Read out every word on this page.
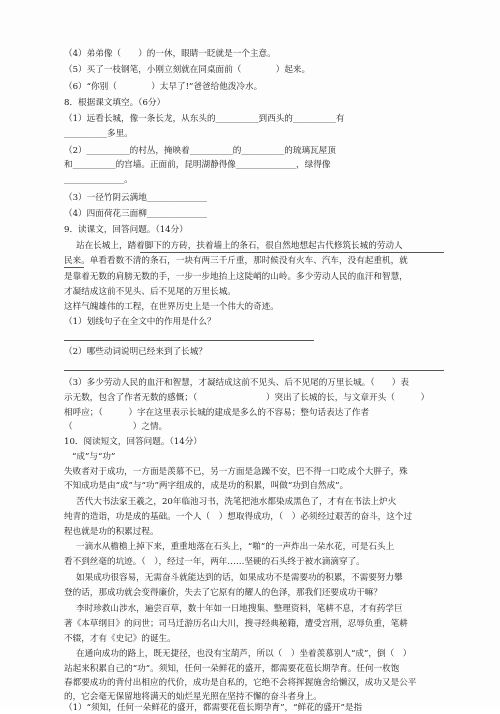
（4）弟弟像（　　）的一休，眼睛一眨就是一个主意。
（5）买了一枝钢笔，小刚立刻就在同桌面前（　　　　）起来。
（6）“你别（　　　　）太早了!”爸爸给他泼冷水。
8．根据课文填空。（6分）
（1）远看长城，像一条长龙，从东头的__________到西头的__________有
__________多里。
（2）__________的村丛，掩映着__________的__________的琉璃瓦屋顶
和__________的宫墙。正面前，昆明湖静得像______________，绿得像
______________。
（3）一径竹阴云满地______________
（4）四面荷花三面柳______________
9．读课文，回答问题。（14分）
站在长城上，踏着脚下的方砖，扶着墙上的条石，很自然地想起古代修筑长城的劳动人
民来。单看看数不清的条石，一块有两三千斤重，那时候没有火车、汽车，没有起重机，就
是靠着无数的肩膀无数的手，一步一步地抬上这陡峭的山岭。多少劳动人民的血汗和智慧，
才凝结成这前不见头、后不见尾的万里长城。
这样气魄雄伟的工程，在世界历史上是一个伟大的奇迹。
（1）划线句子在全文中的作用是什么？
（2）哪些动词说明已经来到了长城？
（3）多少劳动人民的血汗和智慧，才凝结成这前不见头、后不见尾的万里长城。（　　）表
示无数，包含了作者无数的感慨；（　　　　　　　　）突出了长城的长，与文章开头（　　　）
相呼应；（　　　）字在这里表示长城的建成是多么的不容易；整句话表达了作者
（　　　　　　　）之情。
10．阅读短文，回答问题。（14分）
“成”与“功”
失败者对于成功，一方面是羡慕不已，另一方面是急躁不安，巴不得一口吃成个大胖子，殊
不知成功是由“成”与“功”两字组成的，成是功的积累，叫做“功到自然成”。
苦代大书法家王羲之，20年临池习书，洗笔把池水都染成黑色了，才有在书法上炉火
纯青的造诣，功是成的基础。一个人（　）想取得成功，（　）必须经过艰苦的奋斗，这个过
程也就是功的积累过程。
一滴水从檐檐上掉下来，重重地落在石头上，“啪”的一声炸出一朵水花，可是石头上
看不到丝毫的坑迹。（　），经过一年，两年……坚硬的石头终于被水滴滴穿了。
如果成功很容易，无需奋斗就能达到的话，如果成功不是需要功的积累，不需要努力攀
登的话，那成功就会变得廉价，失去了它原有的耀人的色泽，那我们还要成功干嘛？
李时珍救山涉水，遍尝百草，数十年如一日地搜集、整理资料，笔耕不息，才有药学巨
著《本草纲目》的问世；司马迁游历名山大川，搜寻经典秘籍，遭受宫刑，忍辱负重，笔耕
不辍，才有《史记》的诞生。
在通向成功的路上，既无捷径，也没有宝葫芦，所以（　）坐着羡慕别人“成”，倒（　）
站起来积累自己的“功”。须知，任何一朵鲜花的盛开，都需要花苞长期孕育。任何一枚饱
春都要成功的背付出相应的代价，成功是自私的，它绝不会将挥握施舍给懒汉，成功又是公平
的，它会毫无保留地将满天的灿烂星光照在坚持不懈的奋斗者身上。
（1）“须知，任何一朵鲜花的盛开，都需要花苞长期孕育”，“鲜花的盛开”是指
